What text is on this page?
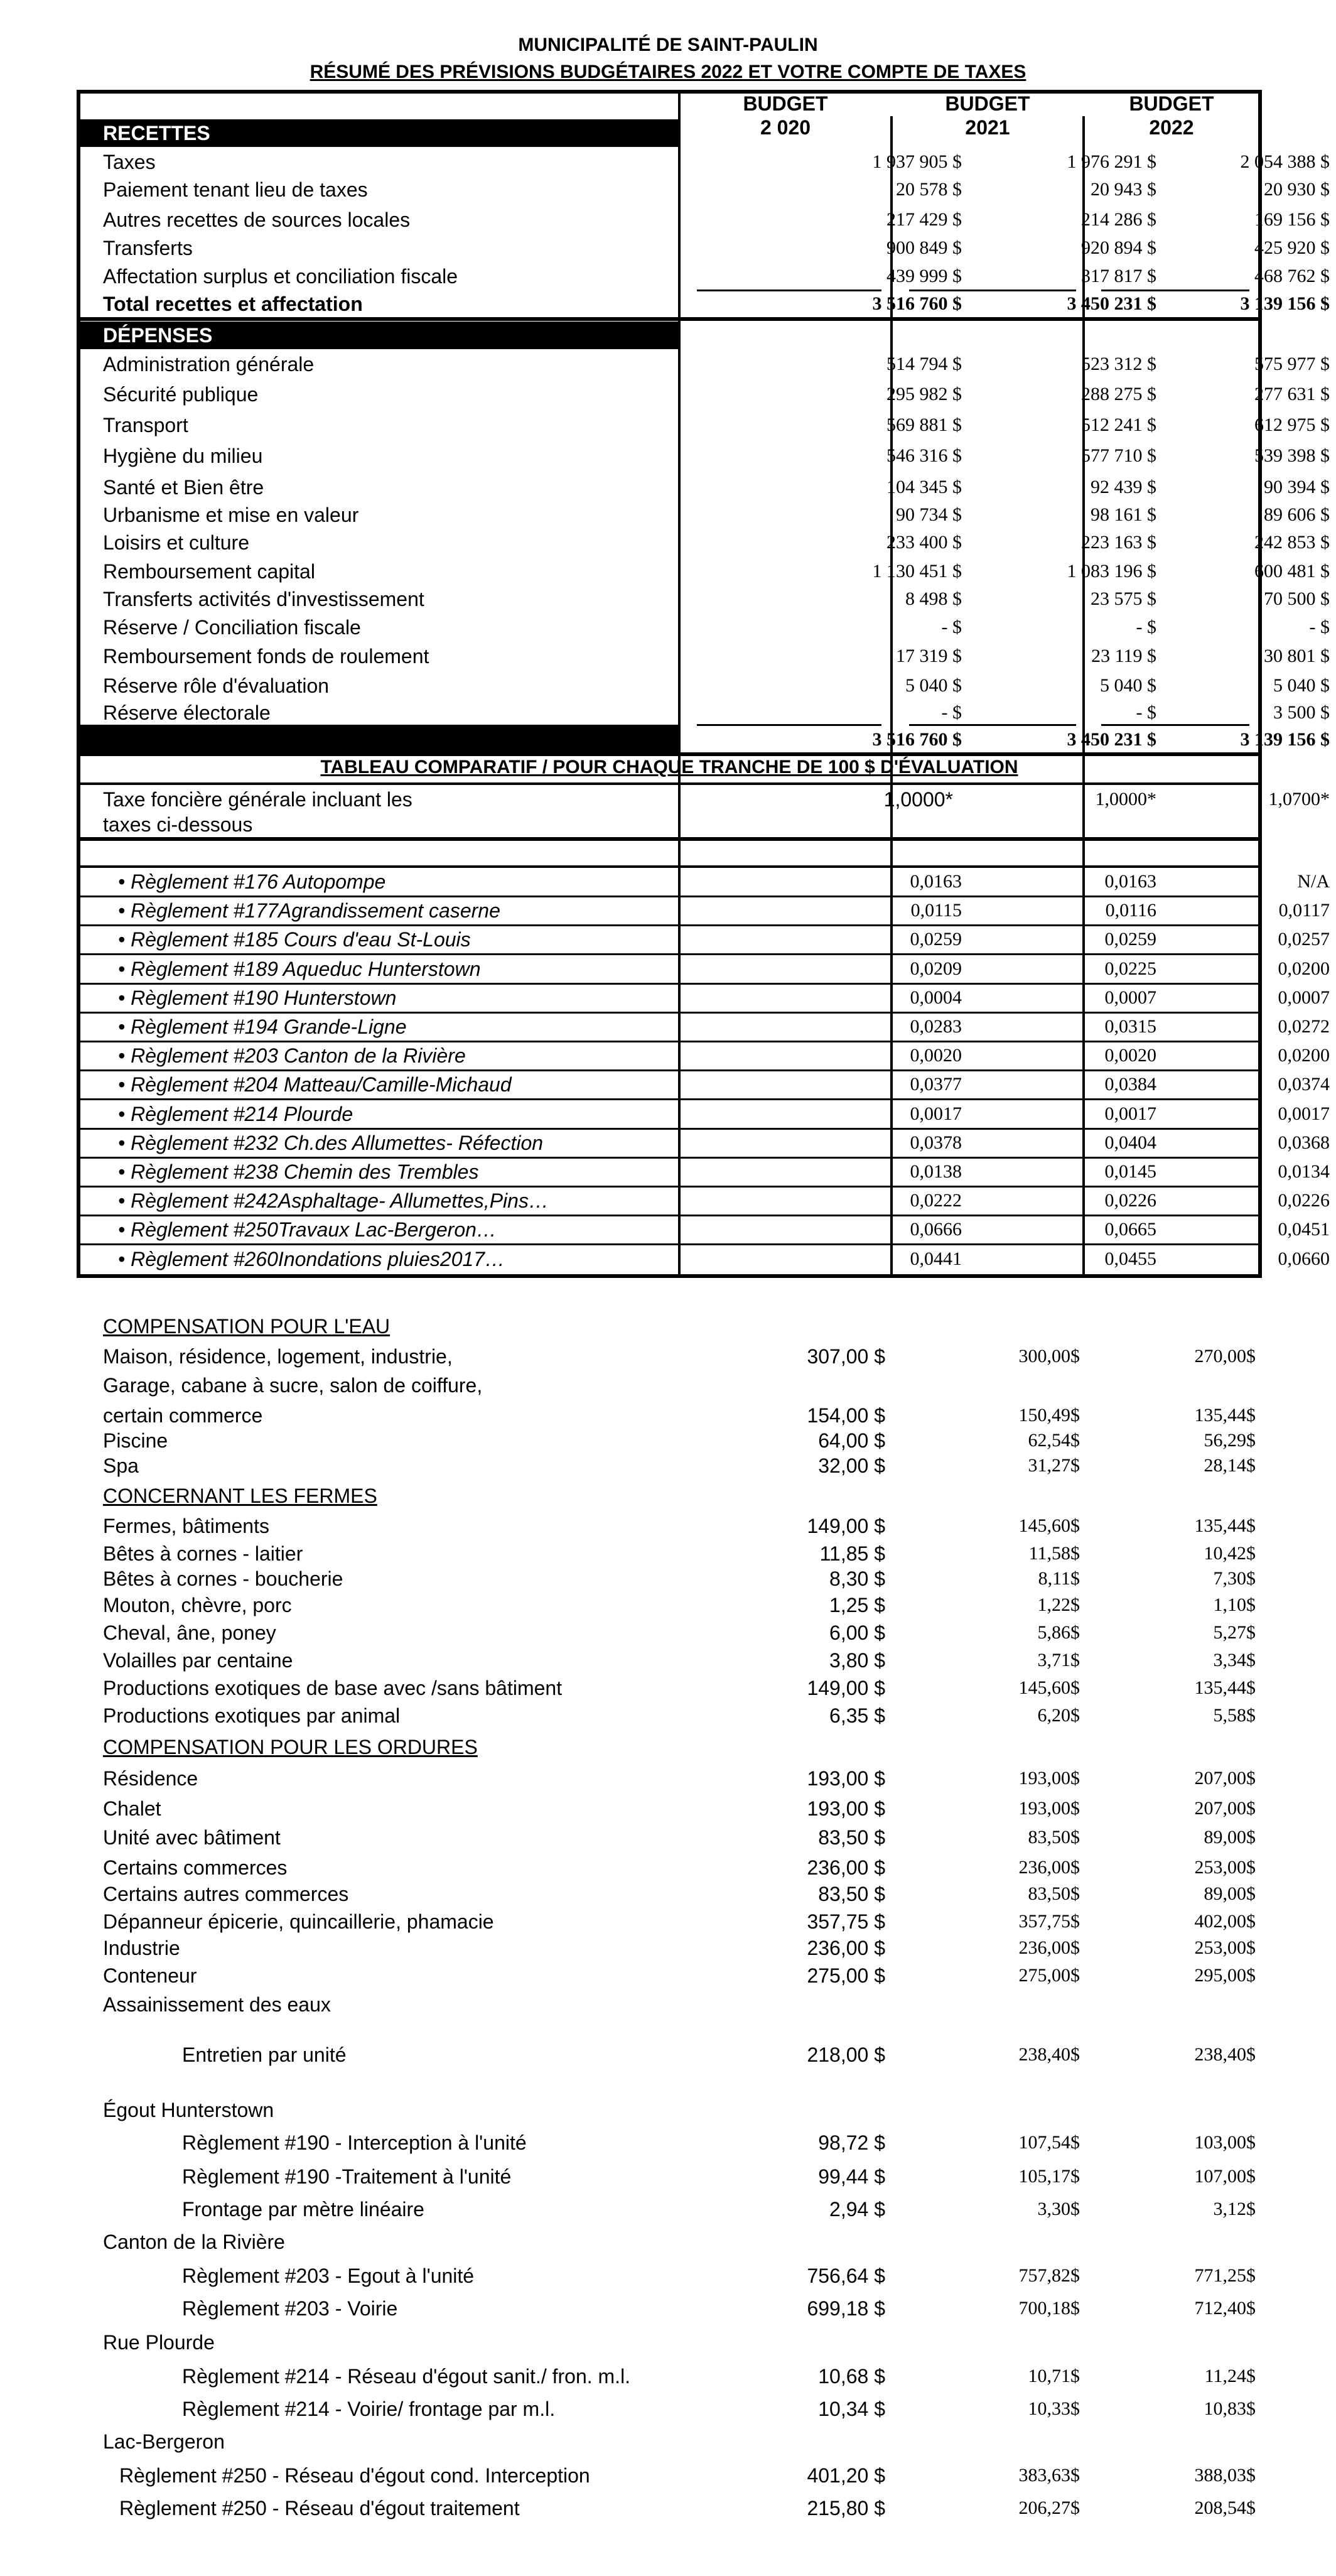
MUNICIPALITÉ DE SAINT-PAULIN
RÉSUMÉ DES PRÉVISIONS BUDGÉTAIRES 2022 ET VOTRE COMPTE DE TAXES
BUDGET
2 020
BUDGET
2021
BUDGET
2022
RECETTES
Taxes	1 937 905 $	1 976 291 $	2 054 388 $
Paiement tenant lieu de taxes	20 578 $	20 943 $	20 930 $
Autres recettes de sources locales	217 429 $	214 286 $	169 156 $
Transferts	900 849 $	920 894 $	425 920 $
Affectation surplus et conciliation fiscale	439 999 $	317 817 $	468 762 $
Total recettes et affectation	3 516 760 $	3 450 231 $	3 139 156 $
DÉPENSES
Administration générale	514 794 $	523 312 $	575 977 $
Sécurité publique	295 982 $	288 275 $	277 631 $
Transport	569 881 $	512 241 $	612 975 $
Hygiène du milieu	546 316 $	577 710 $	539 398 $
Santé et Bien être	104 345 $	92 439 $	90 394 $
Urbanisme et mise en valeur	90 734 $	98 161 $	89 606 $
Loisirs et culture	233 400 $	223 163 $	242 853 $
Remboursement capital	1 130 451 $	1 083 196 $	600 481 $
Transferts activités d'investissement	8 498 $	23 575 $	70 500 $
Réserve / Conciliation fiscale	- $	- $	- $
Remboursement fonds de roulement	17 319 $	23 119 $	30 801 $
Réserve rôle d'évaluation	5 040 $	5 040 $	5 040 $
Réserve électorale	- $	- $	3 500 $
3 516 760 $	3 450 231 $	3 139 156 $
TABLEAU COMPARATIF / POUR CHAQUE TRANCHE DE 100 $ D'ÉVALUATION
Taxe foncière générale incluant les	1,0000*	1,0000*	1,0700*
taxes ci-dessous
• Règlement #176 Autopompe	0,0163	0,0163	N/A
• Règlement #177Agrandissement caserne	0,0115	0,0116	0,0117
• Règlement #185 Cours d'eau St-Louis	0,0259	0,0259	0,0257
• Règlement #189 Aqueduc Hunterstown	0,0209	0,0225	0,0200
• Règlement #190 Hunterstown	0,0004	0,0007	0,0007
• Règlement #194 Grande-Ligne	0,0283	0,0315	0,0272
• Règlement #203 Canton de la Rivière	0,0020	0,0020	0,0200
• Règlement #204 Matteau/Camille-Michaud	0,0377	0,0384	0,0374
• Règlement #214 Plourde	0,0017	0,0017	0,0017
• Règlement #232 Ch.des Allumettes- Réfection	0,0378	0,0404	0,0368
• Règlement #238 Chemin des Trembles	0,0138	0,0145	0,0134
• Règlement #242Asphaltage- Allumettes,Pins…	0,0222	0,0226	0,0226
• Règlement #250Travaux Lac-Bergeron…	0,0666	0,0665	0,0451
• Règlement #260Inondations pluies2017…	0,0441	0,0455	0,0660
COMPENSATION POUR L'EAU
Maison, résidence, logement, industrie,	307,00 $	300,00$	270,00$
Garage, cabane à sucre, salon de coiffure,
certain commerce	154,00 $	150,49$	135,44$
Piscine	64,00 $	62,54$	56,29$
Spa	32,00 $	31,27$	28,14$
CONCERNANT LES FERMES
Fermes, bâtiments	149,00 $	145,60$	135,44$
Bêtes à cornes - laitier	11,85 $	11,58$	10,42$
Bêtes à cornes - boucherie	8,30 $	8,11$	7,30$
Mouton, chèvre, porc	1,25 $	1,22$	1,10$
Cheval, âne, poney	6,00 $	5,86$	5,27$
Volailles par centaine	3,80 $	3,71$	3,34$
Productions exotiques de base avec /sans bâtiment	149,00 $	145,60$	135,44$
Productions exotiques par animal	6,35 $	6,20$	5,58$
COMPENSATION POUR LES ORDURES
Résidence	193,00 $	193,00$	207,00$
Chalet	193,00 $	193,00$	207,00$
Unité avec bâtiment	83,50 $	83,50$	89,00$
Certains commerces	236,00 $	236,00$	253,00$
Certains autres commerces	83,50 $	83,50$	89,00$
Dépanneur épicerie, quincaillerie, phamacie	357,75 $	357,75$	402,00$
Industrie	236,00 $	236,00$	253,00$
Conteneur	275,00 $	275,00$	295,00$
Assainissement des eaux
Entretien par unité	218,00 $	238,40$	238,40$
Égout Hunterstown
Règlement #190 - Interception à l'unité	98,72 $	107,54$	103,00$
Règlement #190 -Traitement à l'unité	99,44 $	105,17$	107,00$
Frontage par mètre linéaire	2,94 $	3,30$	3,12$
Canton de la Rivière
Règlement #203 - Egout à l'unité	756,64 $	757,82$	771,25$
Règlement #203 - Voirie	699,18 $	700,18$	712,40$
Rue Plourde
Règlement #214 - Réseau d'égout sanit./ fron. m.l.	10,68 $	10,71$	11,24$
Règlement #214 - Voirie/ frontage par m.l.	10,34 $	10,33$	10,83$
Lac-Bergeron
Règlement #250 - Réseau d'égout cond. Interception	401,20 $	383,63$	388,03$
Règlement #250 - Réseau d'égout traitement	215,80 $	206,27$	208,54$
